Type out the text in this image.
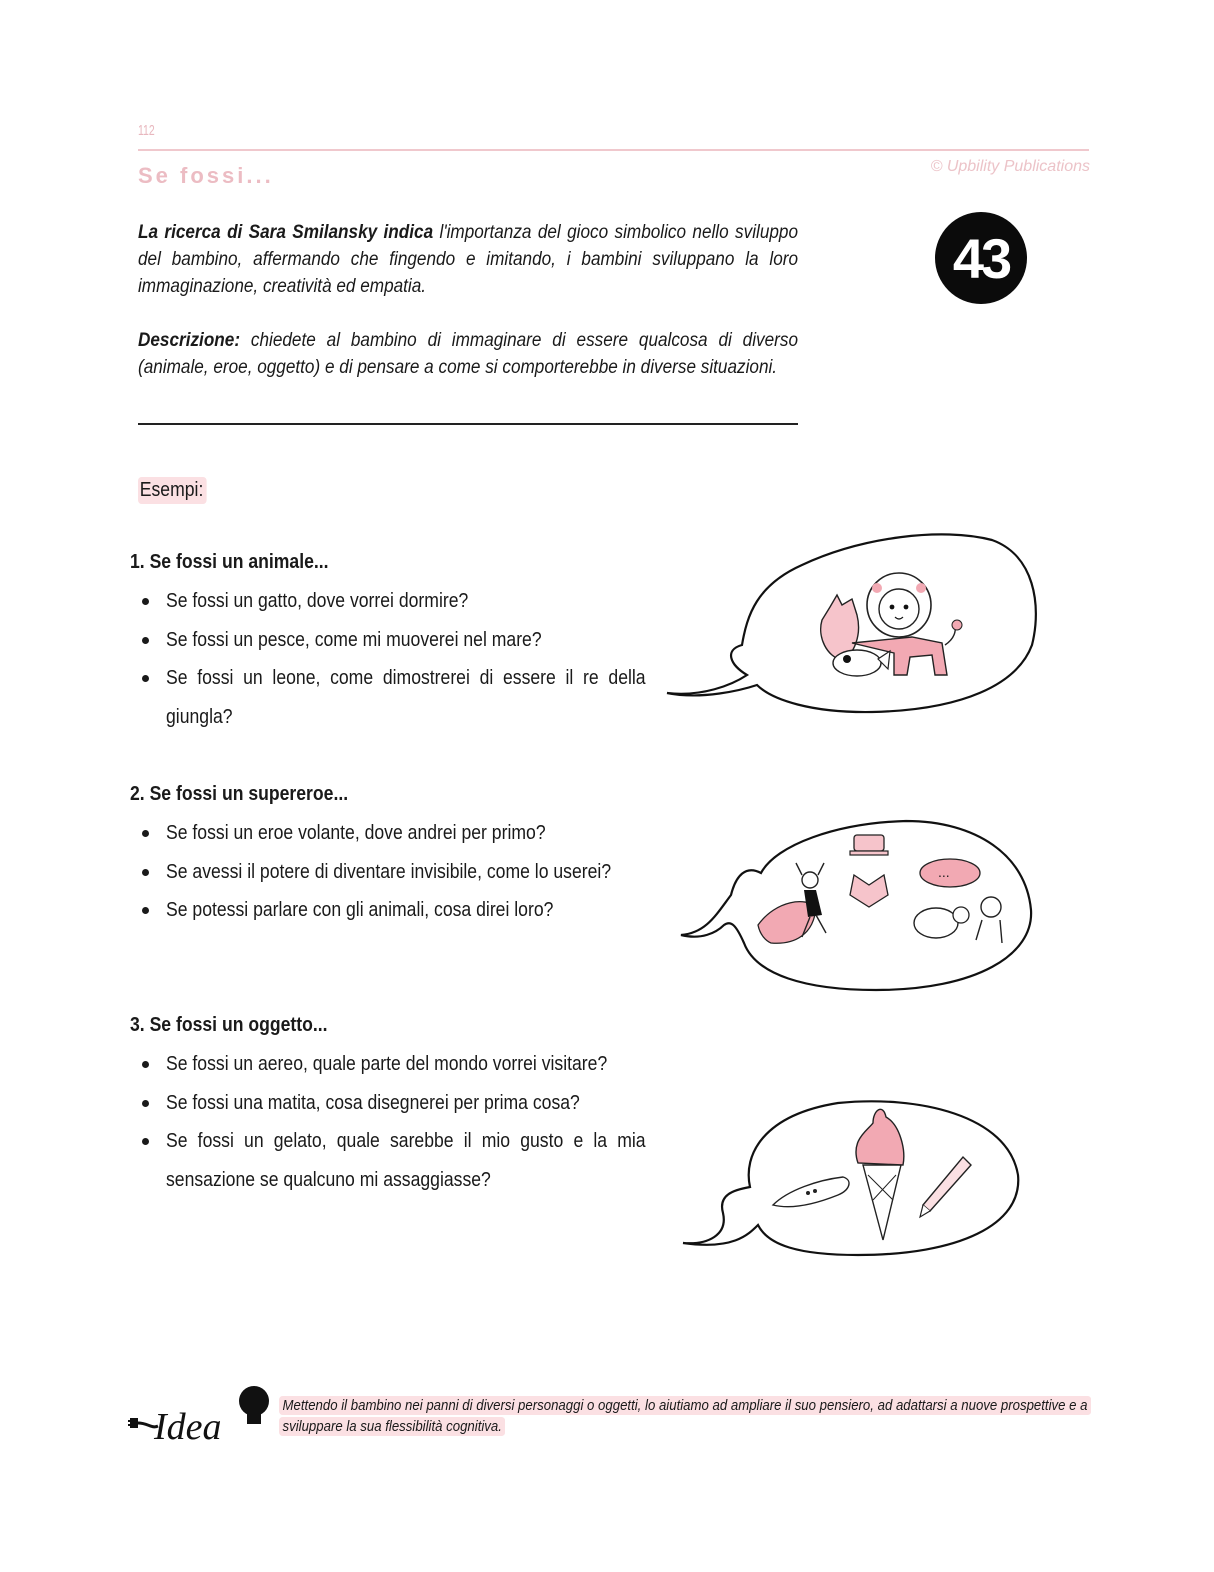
112
Se fossi...	© Upbility Publications
43

La ricerca di Sara Smilansky indica l'importanza del gioco simbolico nello sviluppo del bambino, affermando che fingendo e imitando, i bambini sviluppano la loro immaginazione, creatività ed empatia.

Descrizione: chiedete al bambino di immaginare di essere qualcosa di diverso (animale, eroe, oggetto) e di pensare a come si comporterebbe in diverse situazioni.

Esempi:
1. Se fossi un animale...
Se fossi un gatto, dove vorrei dormire?
Se fossi un pesce, come mi muoverei nel mare?
Se fossi un leone, come dimostrerei di essere il re della giungla?
2. Se fossi un supereroe...
Se fossi un eroe volante, dove andrei per primo?
Se avessi il potere di diventare invisibile, come lo userei?
Se potessi parlare con gli animali, cosa direi loro?
3. Se fossi un oggetto...
Se fossi un aereo, quale parte del mondo vorrei visitare?
Se fossi una matita, cosa disegnerei per prima cosa?
Se fossi un gelato, quale sarebbe il mio gusto e la mia sensazione se qualcuno mi assaggiasse?
...
Idea
Mettendo il bambino nei panni di diversi personaggi o oggetti, lo aiutiamo ad ampliare il suo pensiero, ad adattarsi a nuove prospettive e a sviluppare la sua flessibilità cognitiva.
